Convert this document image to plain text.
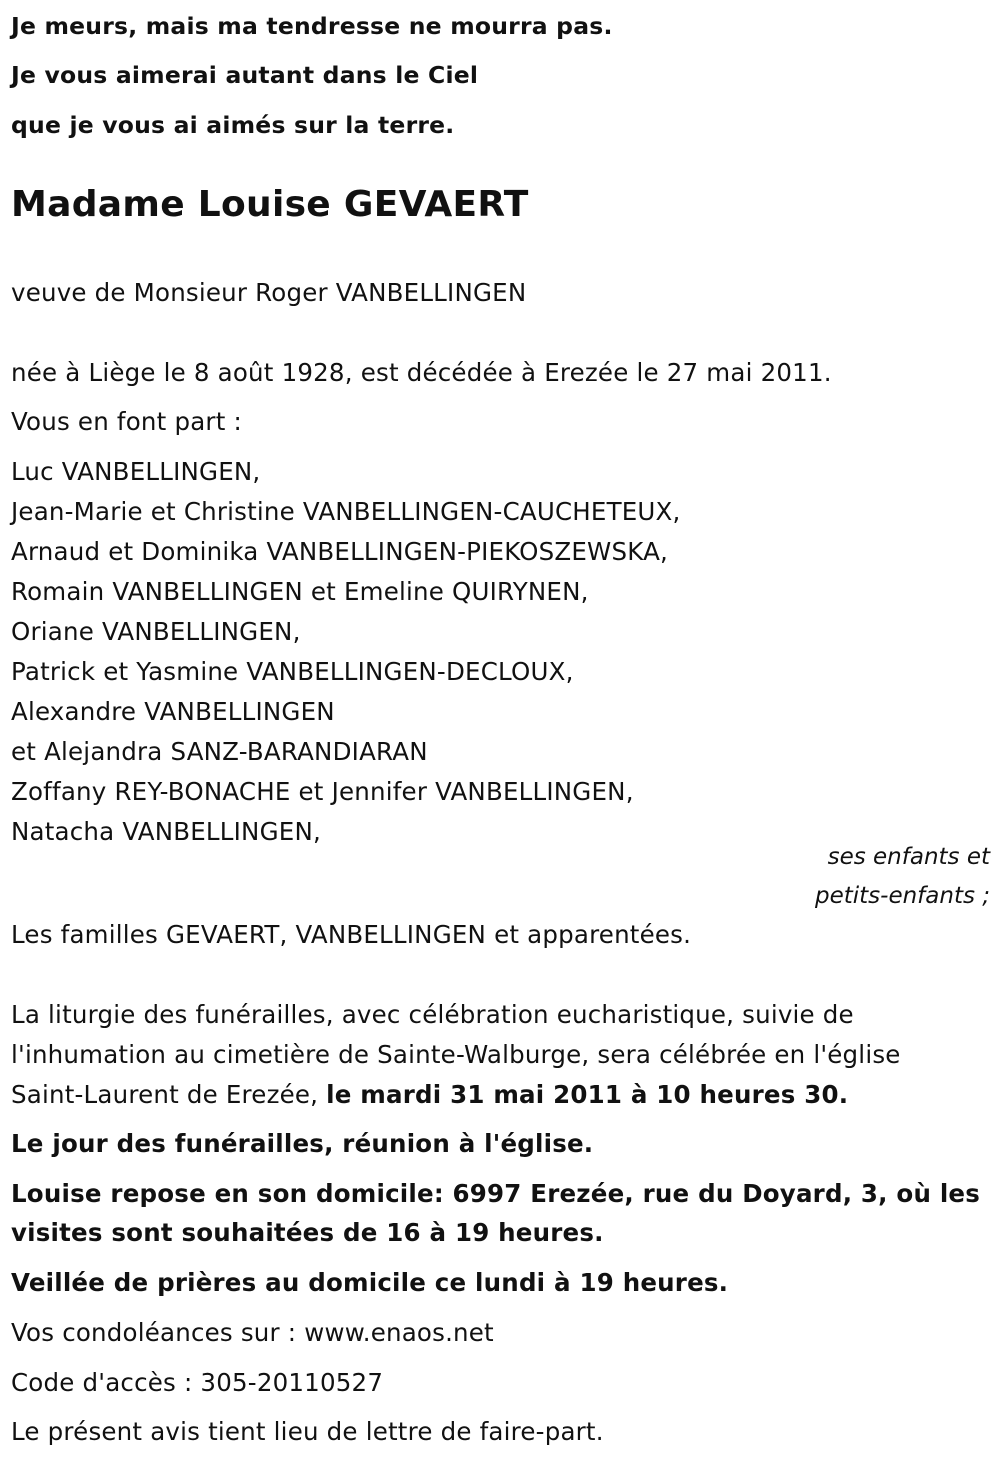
Je meurs, mais ma tendresse ne mourra pas.
Je vous aimerai autant dans le Ciel
que je vous ai aimés sur la terre.
Madame Louise GEVAERT
veuve de Monsieur Roger VANBELLINGEN
née à Liège le 8 août 1928, est décédée à Erezée le 27 mai 2011.
Vous en font part :
Luc VANBELLINGEN,
Jean-Marie et Christine VANBELLINGEN-CAUCHETEUX,
Arnaud et Dominika VANBELLINGEN-PIEKOSZEWSKA,
Romain VANBELLINGEN et Emeline QUIRYNEN,
Oriane VANBELLINGEN,
Patrick et Yasmine VANBELLINGEN-DECLOUX,
Alexandre VANBELLINGEN
et Alejandra SANZ-BARANDIARAN
Zoffany REY-BONACHE et Jennifer VANBELLINGEN,
Natacha VANBELLINGEN,
ses enfants et
petits-enfants ;
Les familles GEVAERT, VANBELLINGEN et apparentées.
La liturgie des funérailles, avec célébration eucharistique, suivie de
l'inhumation au cimetière de Sainte-Walburge, sera célébrée en l'église
Saint-Laurent de Erezée, le mardi 31 mai 2011 à 10 heures 30.
Le jour des funérailles, réunion à l'église.
Louise repose en son domicile: 6997 Erezée, rue du Doyard, 3, où les
visites sont souhaitées de 16 à 19 heures.
Veillée de prières au domicile ce lundi à 19 heures.
Vos condoléances sur : www.enaos.net
Code d'accès : 305-20110527
Le présent avis tient lieu de lettre de faire-part.
